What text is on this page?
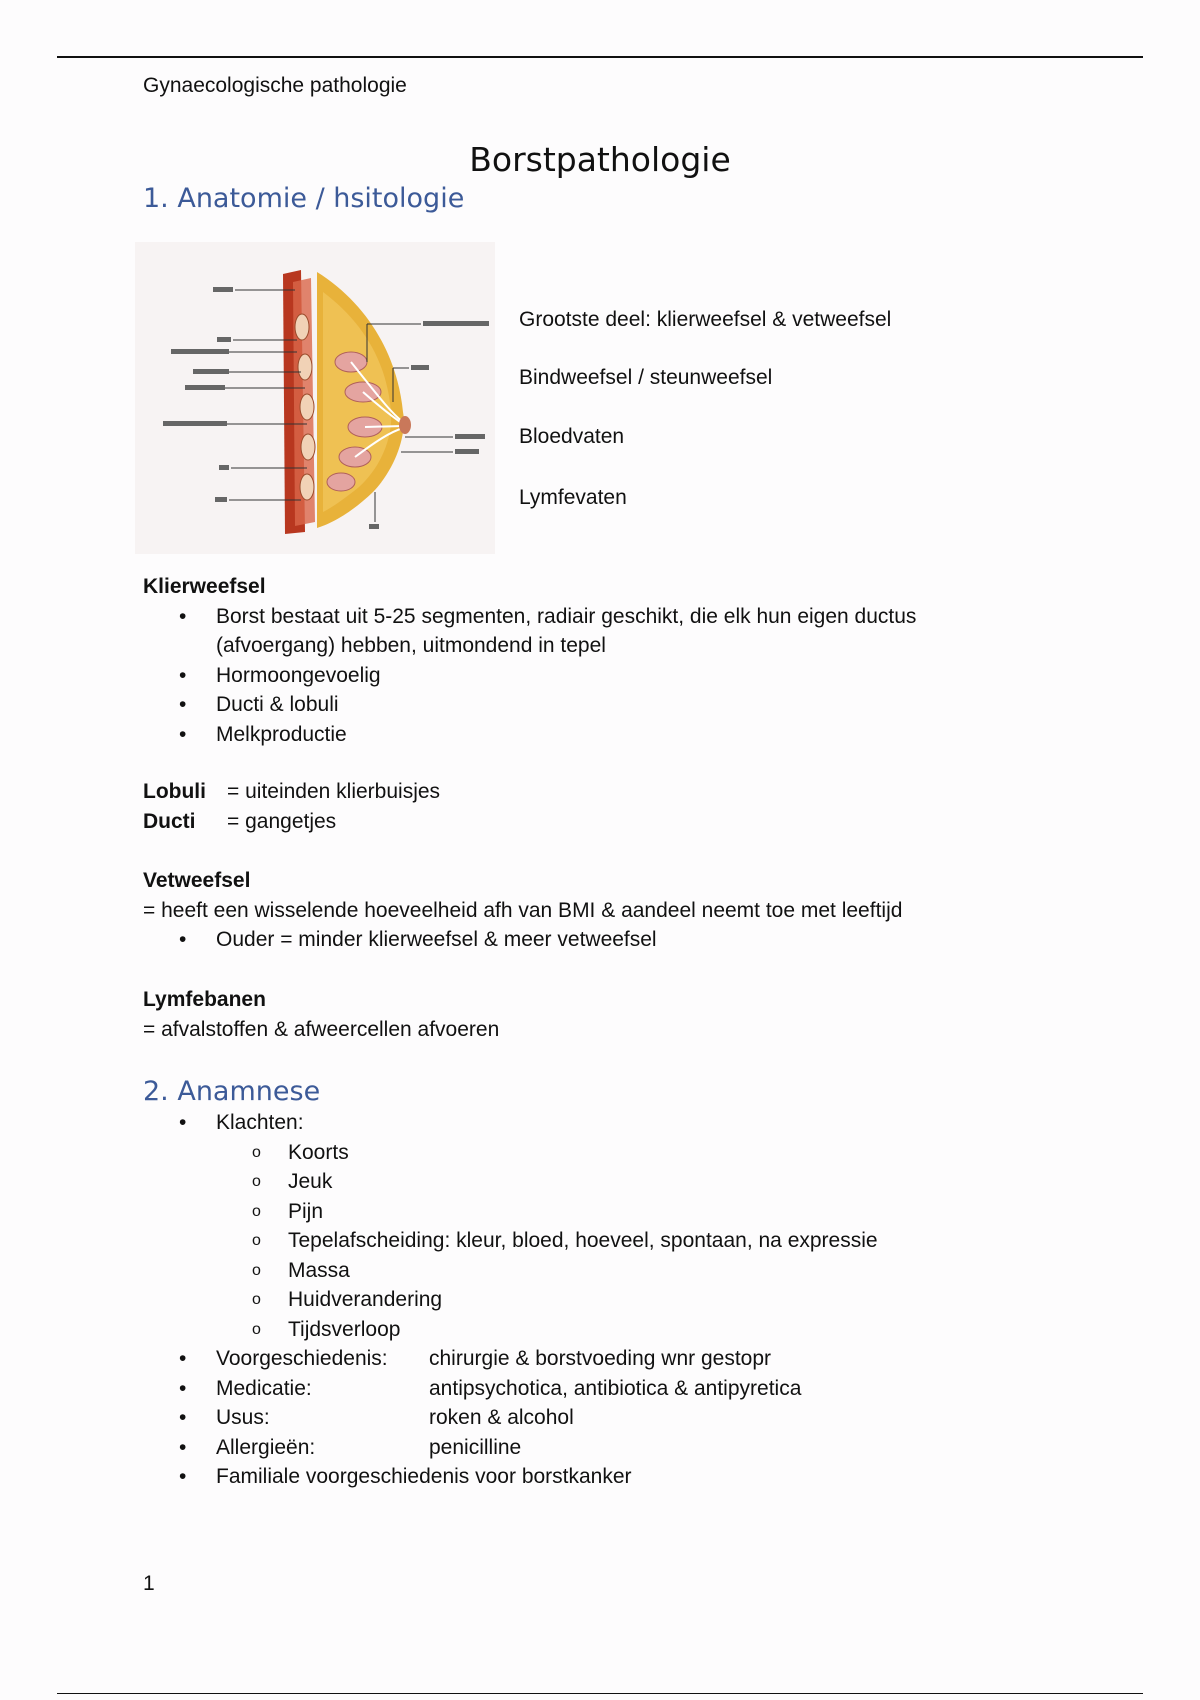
Gynaecologische pathologie
Borstpathologie
1. Anatomie / hsitologie
Grootste deel: klierweefsel & vetweefsel
Bindweefsel / steunweefsel
Bloedvaten
Lymfevaten
Klierweefsel
• Borst bestaat uit 5-25 segmenten, radiair geschikt, die elk hun eigen ductus (afvoergang) hebben, uitmondend in tepel
• Hormoongevoelig
• Ducti & lobuli
• Melkproductie
Lobuli = uiteinden klierbuisjes
Ducti = gangetjes
Vetweefsel
= heeft een wisselende hoeveelheid afh van BMI & aandeel neemt toe met leeftijd
• Ouder = minder klierweefsel & meer vetweefsel
Lymfebanen
= afvalstoffen & afweercellen afvoeren
2. Anamnese
• Klachten:
o Koorts
o Jeuk
o Pijn
o Tepelafscheiding: kleur, bloed, hoeveel, spontaan, na expressie
o Massa
o Huidverandering
o Tijdsverloop
• Voorgeschiedenis: chirurgie & borstvoeding wnr gestopr
• Medicatie:	antipsychotica, antibiotica & antipyretica
• Usus:	roken & alcohol
• Allergieën:	penicilline
• Familiale voorgeschiedenis voor borstkanker
1
